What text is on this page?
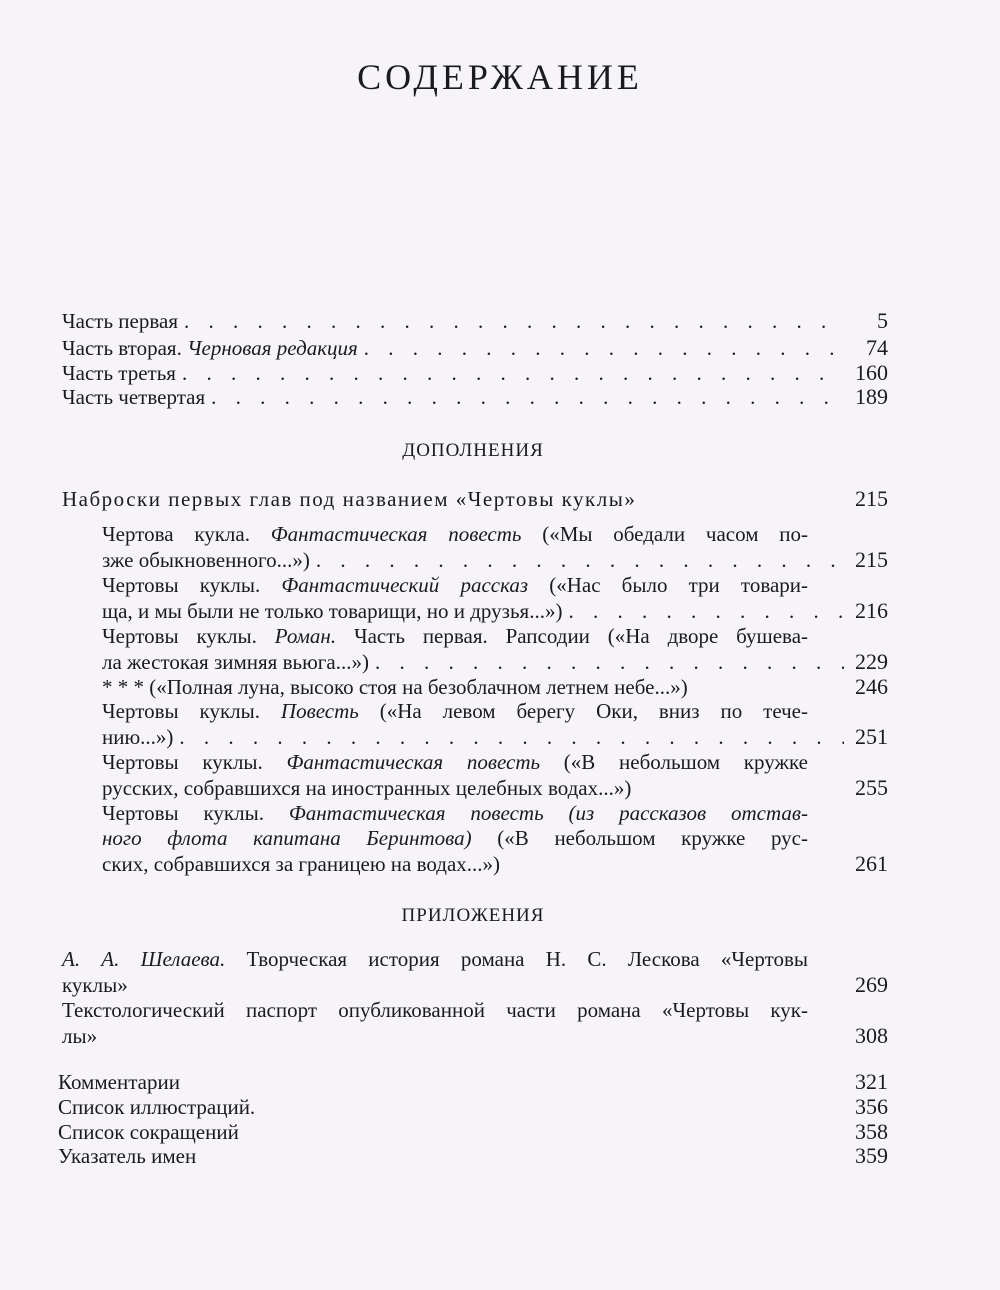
СОДЕРЖАНИЕ
Часть первая . . .	5
Часть вторая. Черновая редакция . . .	74
Часть третья . . .	160
Часть четвертая . . .	189
ДОПОЛНЕНИЯ
Наброски первых глав под названием «Чертовы куклы»	215
Чертова кукла. Фантастическая повесть («Мы обедали часом по-
зже обыкновенного...») . . .	215
Чертовы куклы. Фантастический рассказ («Нас было три товари-
ща, и мы были не только товарищи, но и друзья...») . . .	216
Чертовы куклы. Роман. Часть первая. Рапсодии («На дворе бушева-
ла жестокая зимняя вьюга...») . . .	229
* * * («Полная луна, высоко стоя на безоблачном летнем небе...»)	246
Чертовы куклы. Повесть («На левом берегу Оки, вниз по тече-
нию...») . . .	251
Чертовы куклы. Фантастическая повесть («В небольшом кружке
русских, собравшихся на иностранных целебных водах...»)	255
Чертовы куклы. Фантастическая повесть (из рассказов отстав-
ного флота капитана Беринтова) («В небольшом кружке рус-
ских, собравшихся за границею на водах...»)	261
ПРИЛОЖЕНИЯ
А. А. Шелаева. Творческая история романа Н. С. Лескова «Чертовы
куклы»	269
Текстологический паспорт опубликованной части романа «Чертовы кук-
лы»	308
Комментарии	321
Список иллюстраций.	356
Список сокращений	358
Указатель имен	359
